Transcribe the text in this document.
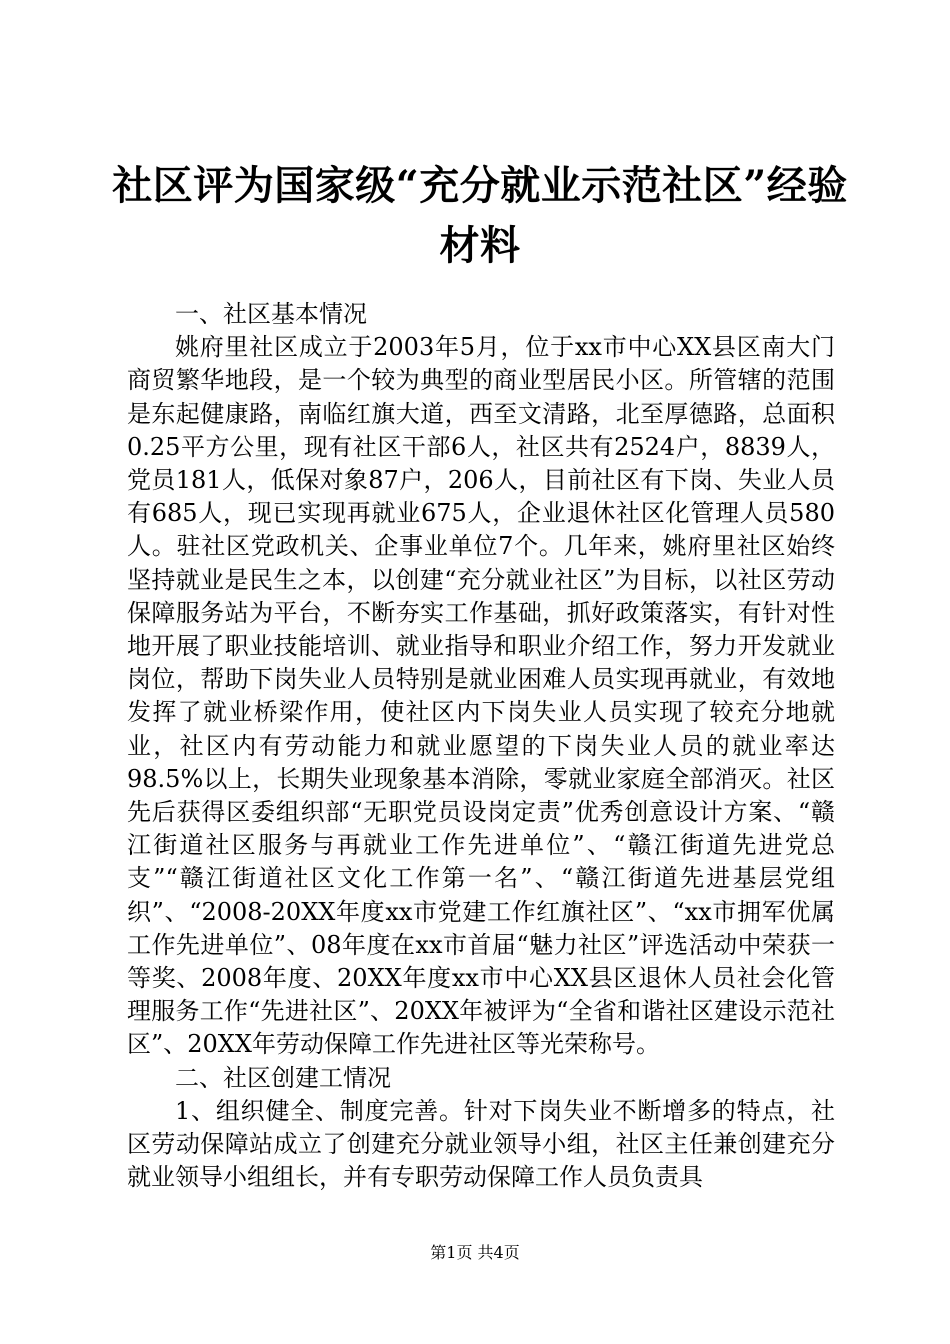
社区评为国家级“充分就业示范社区”经验材料

一、社区基本情况

姚府里社区成立于2003年5月，位于xx市中心XX县区南大门商贸繁华地段，是一个较为典型的商业型居民小区。所管辖的范围是东起健康路，南临红旗大道，西至文清路，北至厚德路，总面积0.25平方公里，现有社区干部6人，社区共有2524户，8839人，党员181人，低保对象87户，206人，目前社区有下岗、失业人员有685人，现已实现再就业675人，企业退休社区化管理人员580人。驻社区党政机关、企事业单位7个。几年来，姚府里社区始终坚持就业是民生之本，以创建“充分就业社区”为目标，以社区劳动保障服务站为平台，不断夯实工作基础，抓好政策落实，有针对性地开展了职业技能培训、就业指导和职业介绍工作，努力开发就业岗位，帮助下岗失业人员特别是就业困难人员实现再就业，有效地发挥了就业桥梁作用，使社区内下岗失业人员实现了较充分地就业，社区内有劳动能力和就业愿望的下岗失业人员的就业率达98.5%以上，长期失业现象基本消除，零就业家庭全部消灭。社区先后获得区委组织部“无职党员设岗定责”优秀创意设计方案、“赣江街道社区服务与再就业工作先进单位”、“赣江街道先进党总支”“赣江街道社区文化工作第一名”、“赣江街道先进基层党组织”、“2008-20XX年度xx市党建工作红旗社区”、“xx市拥军优属工作先进单位”、08年度在xx市首届“魅力社区”评选活动中荣获一等奖、2008年度、20XX年度xx市中心XX县区退休人员社会化管理服务工作“先进社区”、20XX年被评为“全省和谐社区建设示范社区”、20XX年劳动保障工作先进社区等光荣称号。

二、社区创建工情况

1、组织健全、制度完善。针对下岗失业不断增多的特点，社区劳动保障站成立了创建充分就业领导小组，社区主任兼创建充分就业领导小组组长，并有专职劳动保障工作人员负责具

第1页 共4页
